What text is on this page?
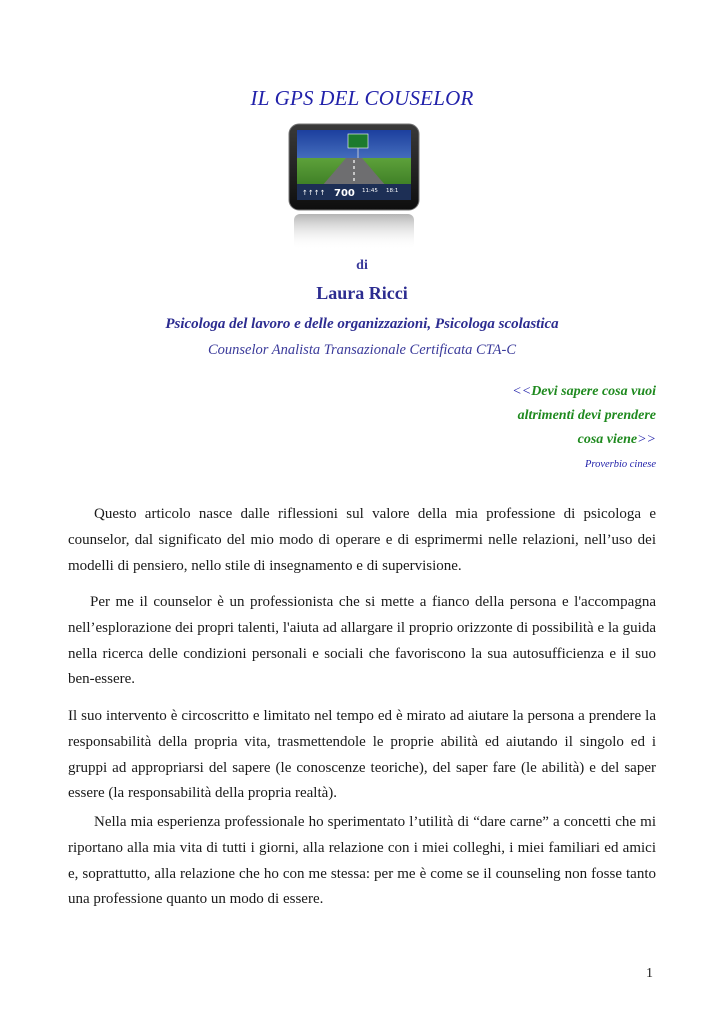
IL GPS DEL COUSELOR
↑↑↑↑ 700 11:45 18:1
di
Laura Ricci
Psicologa del lavoro e delle organizzazioni, Psicologa scolastica
Counselor Analista Transazionale Certificata CTA-C
<<Devi sapere cosa vuoi
altrimenti devi prendere
cosa viene>>
Proverbio cinese

Questo articolo nasce dalle riflessioni sul valore della mia professione di psicologa e counselor, dal significato del mio modo di operare e di esprimermi nelle relazioni, nell’uso dei modelli di pensiero, nello stile di insegnamento e di supervisione.

Per me il counselor è un professionista che si mette a fianco della persona e l'accompagna nell’esplorazione dei propri talenti, l'aiuta ad allargare il proprio orizzonte di possibilità e la guida nella ricerca delle condizioni personali e sociali che favoriscono la sua autosufficienza e il suo ben-essere.

Il suo intervento è circoscritto e limitato nel tempo ed è mirato ad aiutare la persona a prendere la responsabilità della propria vita, trasmettendole le proprie abilità ed aiutando il singolo ed i gruppi ad appropriarsi del sapere (le conoscenze teoriche), del saper fare (le abilità) e del saper essere (la responsabilità della propria realtà).

Nella mia esperienza professionale ho sperimentato l’utilità di “dare carne” a concetti che mi riportano alla mia vita di tutti i giorni, alla relazione con i miei colleghi, i miei familiari ed amici e, soprattutto, alla relazione che ho con me stessa: per me è come se il counseling non fosse tanto una professione quanto un modo di essere.

1
